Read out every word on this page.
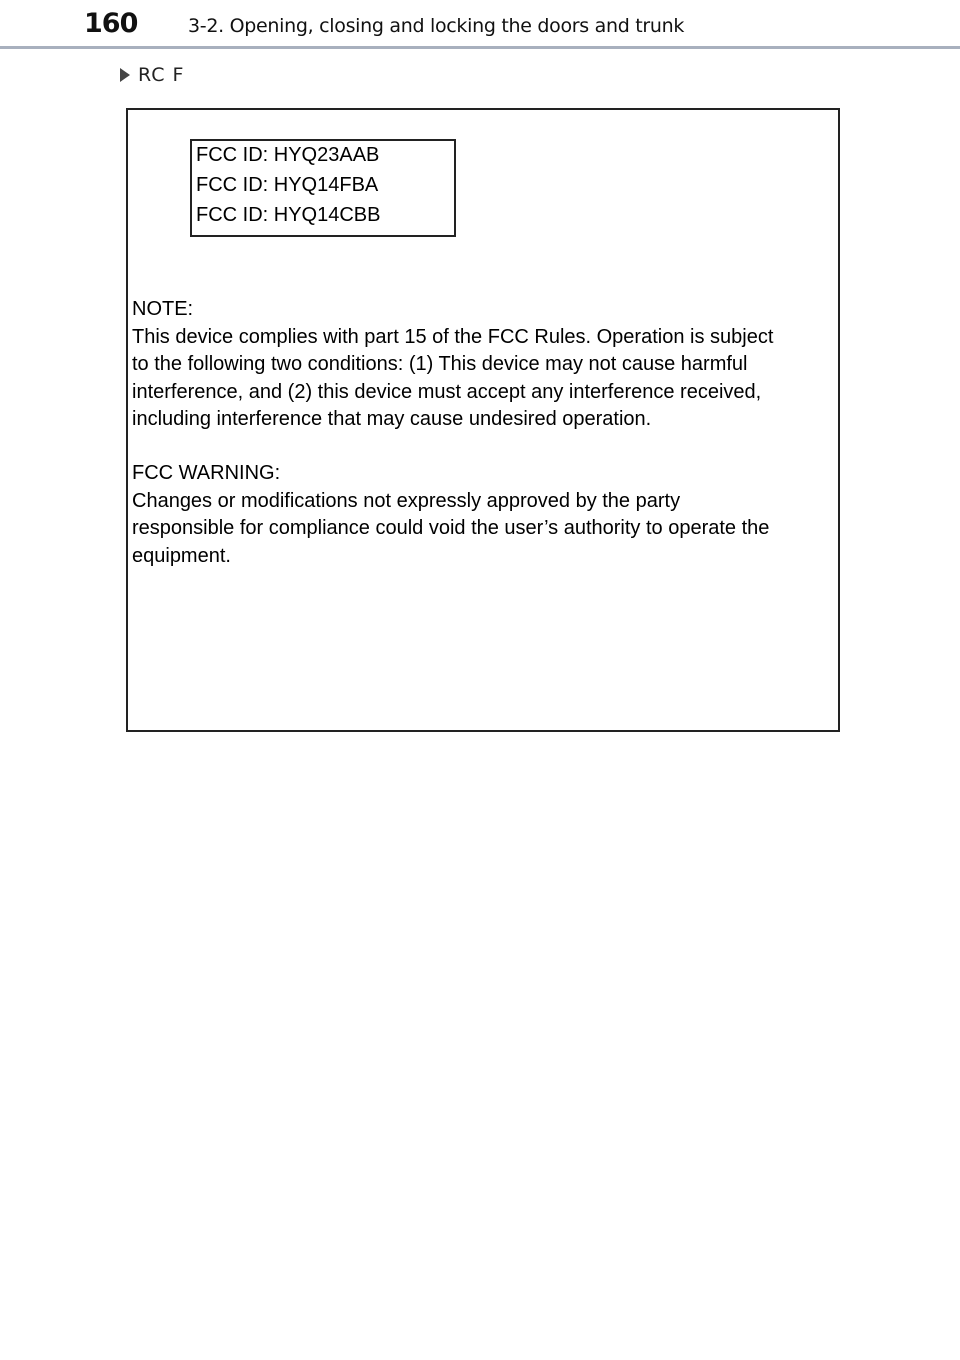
160	3-2. Opening, closing and locking the doors and trunk
RC F
FCC ID: HYQ23AAB
FCC ID: HYQ14FBA
FCC ID: HYQ14CBB

NOTE:

This device complies with part 15 of the FCC Rules. Operation is subject

to the following two conditions: (1) This device may not cause harmful

interference, and (2) this device must accept any interference received,

including interference that may cause undesired operation.

FCC WARNING:

Changes or modifications not expressly approved by the party

responsible for compliance could void the user’s authority to operate the

equipment.
